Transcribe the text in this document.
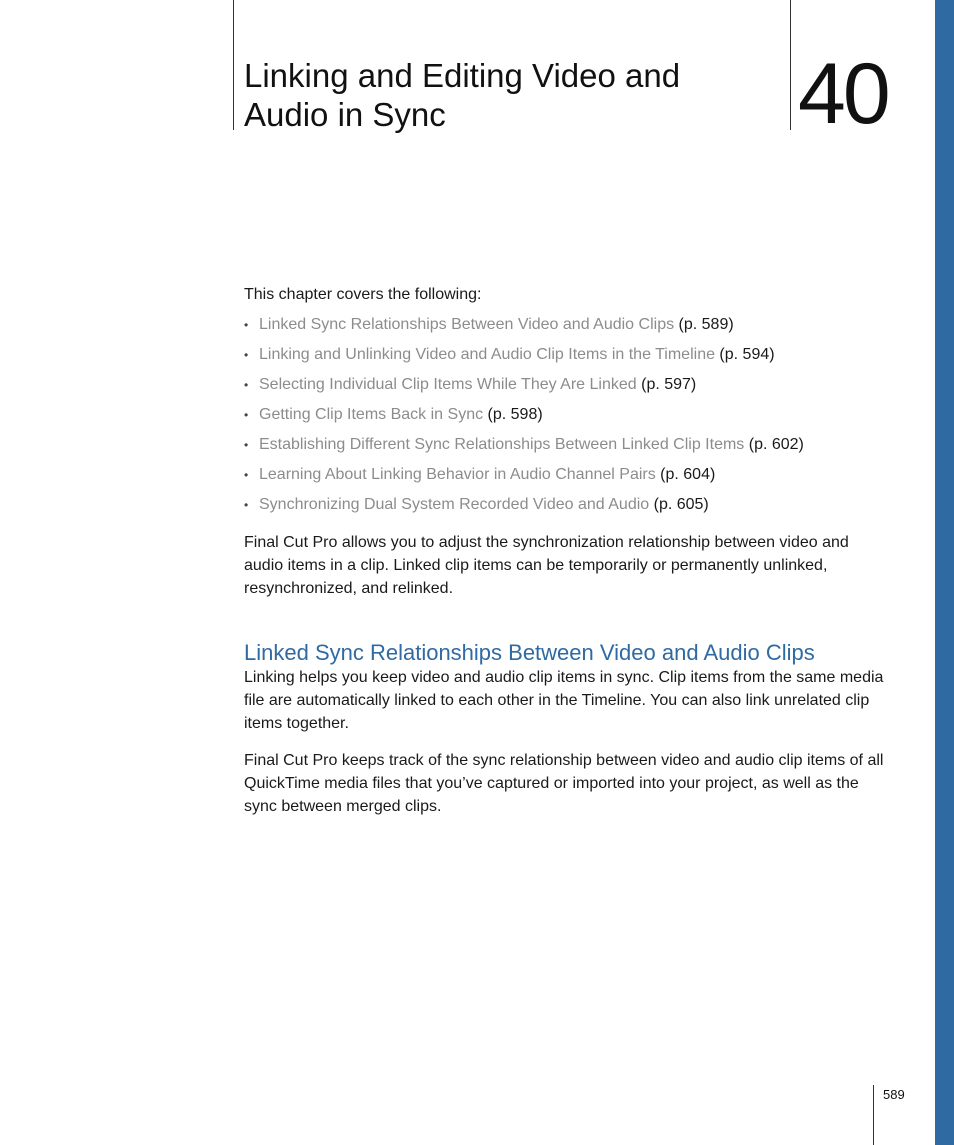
Linking and Editing Video and Audio in Sync	40

This chapter covers the following:

• Linked Sync Relationships Between Video and Audio Clips (p. 589)
• Linking and Unlinking Video and Audio Clip Items in the Timeline (p. 594)
• Selecting Individual Clip Items While They Are Linked (p. 597)
• Getting Clip Items Back in Sync (p. 598)
• Establishing Different Sync Relationships Between Linked Clip Items (p. 602)
• Learning About Linking Behavior in Audio Channel Pairs (p. 604)
• Synchronizing Dual System Recorded Video and Audio (p. 605)

Final Cut Pro allows you to adjust the synchronization relationship between video and audio items in a clip. Linked clip items can be temporarily or permanently unlinked, resynchronized, and relinked.

Linked Sync Relationships Between Video and Audio Clips

Linking helps you keep video and audio clip items in sync. Clip items from the same media file are automatically linked to each other in the Timeline. You can also link unrelated clip items together.

Final Cut Pro keeps track of the sync relationship between video and audio clip items of all QuickTime media files that you’ve captured or imported into your project, as well as the sync between merged clips.

589
